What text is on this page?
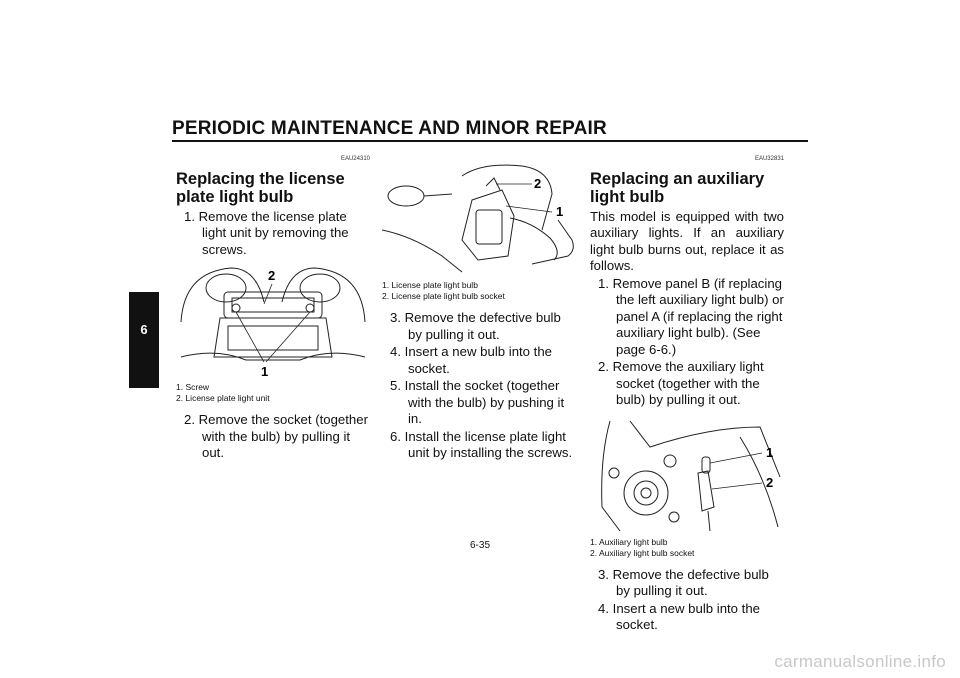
PERIODIC MAINTENANCE AND MINOR REPAIR
6
EAU24310
Replacing the license plate light bulb
1. Remove the license plate light unit by removing the screws.
2
1
1. Screw
2. License plate light unit
2. Remove the socket (together with the bulb) by pulling it out.
2
1
1. License plate light bulb
2. License plate light bulb socket
3. Remove the defective bulb by pulling it out.
4. Insert a new bulb into the socket.
5. Install the socket (together with the bulb) by pushing it in.
6. Install the license plate light unit by installing the screws.
EAU32831
Replacing an auxiliary light bulb

This model is equipped with two auxiliary lights. If an auxiliary light bulb burns out, replace it as follows.

1. Remove panel B (if replacing the left auxiliary light bulb) or panel A (if replacing the right auxiliary light bulb). (See page 6-6.)
2. Remove the auxiliary light socket (together with the bulb) by pulling it out.
1
2
1. Auxiliary light bulb
2. Auxiliary light bulb socket
3. Remove the defective bulb by pulling it out.
4. Insert a new bulb into the socket.
6-35
carmanualsonline.info
